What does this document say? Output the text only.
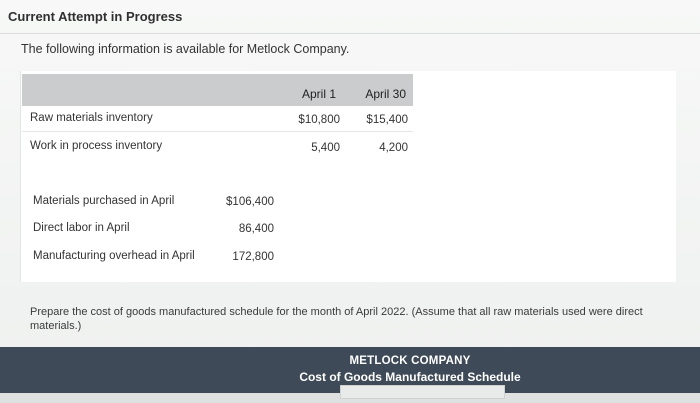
Current Attempt in Progress
The following information is available for Metlock Company.
April 1	April 30
Raw materials inventory	$10,800	$15,400
Work in process inventory	5,400	4,200
Materials purchased in April	$106,400
Direct labor in April	86,400
Manufacturing overhead in April	172,800
Prepare the cost of goods manufactured schedule for the month of April 2022. (Assume that all raw materials used were direct materials.)
METLOCK COMPANY
Cost of Goods Manufactured Schedule
